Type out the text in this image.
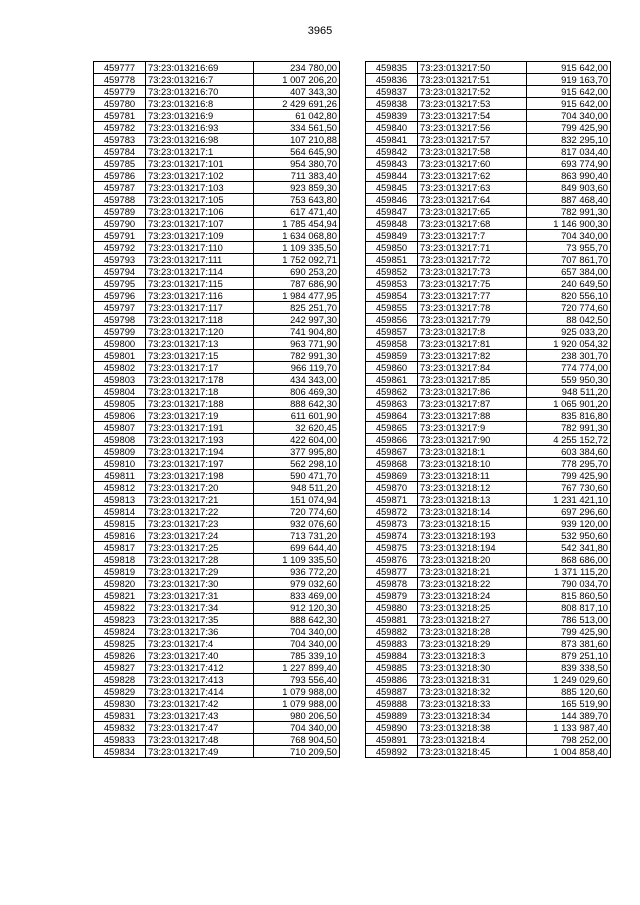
3965
459777	73:23:013216:69	234 780,00
459778	73:23:013216:7	1 007 206,20
459779	73:23:013216:70	407 343,30
459780	73:23:013216:8	2 429 691,26
459781	73:23:013216:9	61 042,80
459782	73:23:013216:93	334 561,50
459783	73:23:013216:98	107 210,88
459784	73:23:013217:1	564 645,90
459785	73:23:013217:101	954 380,70
459786	73:23:013217:102	711 383,40
459787	73:23:013217:103	923 859,30
459788	73:23:013217:105	753 643,80
459789	73:23:013217:106	617 471,40
459790	73:23:013217:107	1 785 454,94
459791	73:23:013217:109	1 634 068,80
459792	73:23:013217:110	1 109 335,50
459793	73:23:013217:111	1 752 092,71
459794	73:23:013217:114	690 253,20
459795	73:23:013217:115	787 686,90
459796	73:23:013217:116	1 984 477,95
459797	73:23:013217:117	825 251,70
459798	73:23:013217:118	242 997,30
459799	73:23:013217:120	741 904,80
459800	73:23:013217:13	963 771,90
459801	73:23:013217:15	782 991,30
459802	73:23:013217:17	966 119,70
459803	73:23:013217:178	434 343,00
459804	73:23:013217:18	806 469,30
459805	73:23:013217:188	888 642,30
459806	73:23:013217:19	611 601,90
459807	73:23:013217:191	32 620,45
459808	73:23:013217:193	422 604,00
459809	73:23:013217:194	377 995,80
459810	73:23:013217:197	562 298,10
459811	73:23:013217:198	590 471,70
459812	73:23:013217:20	948 511,20
459813	73:23:013217:21	151 074,94
459814	73:23:013217:22	720 774,60
459815	73:23:013217:23	932 076,60
459816	73:23:013217:24	713 731,20
459817	73:23:013217:25	699 644,40
459818	73:23:013217:28	1 109 335,50
459819	73:23:013217:29	936 772,20
459820	73:23:013217:30	979 032,60
459821	73:23:013217:31	833 469,00
459822	73:23:013217:34	912 120,30
459823	73:23:013217:35	888 642,30
459824	73:23:013217:36	704 340,00
459825	73:23:013217:4	704 340,00
459826	73:23:013217:40	785 339,10
459827	73:23:013217:412	1 227 899,40
459828	73:23:013217:413	793 556,40
459829	73:23:013217:414	1 079 988,00
459830	73:23:013217:42	1 079 988,00
459831	73:23:013217:43	980 206,50
459832	73:23:013217:47	704 340,00
459833	73:23:013217:48	768 904,50
459834	73:23:013217:49	710 209,50
459835	73:23:013217:50	915 642,00
459836	73:23:013217:51	919 163,70
459837	73:23:013217:52	915 642,00
459838	73:23:013217:53	915 642,00
459839	73:23:013217:54	704 340,00
459840	73:23:013217:56	799 425,90
459841	73:23:013217:57	832 295,10
459842	73:23:013217:58	817 034,40
459843	73:23:013217:60	693 774,90
459844	73:23:013217:62	863 990,40
459845	73:23:013217:63	849 903,60
459846	73:23:013217:64	887 468,40
459847	73:23:013217:65	782 991,30
459848	73:23:013217:68	1 146 900,30
459849	73:23:013217:7	704 340,00
459850	73:23:013217:71	73 955,70
459851	73:23:013217:72	707 861,70
459852	73:23:013217:73	657 384,00
459853	73:23:013217:75	240 649,50
459854	73:23:013217:77	820 556,10
459855	73:23:013217:78	720 774,60
459856	73:23:013217:79	88 042,50
459857	73:23:013217:8	925 033,20
459858	73:23:013217:81	1 920 054,32
459859	73:23:013217:82	238 301,70
459860	73:23:013217:84	774 774,00
459861	73:23:013217:85	559 950,30
459862	73:23:013217:86	948 511,20
459863	73:23:013217:87	1 065 901,20
459864	73:23:013217:88	835 816,80
459865	73:23:013217:9	782 991,30
459866	73:23:013217:90	4 255 152,72
459867	73:23:013218:1	603 384,60
459868	73:23:013218:10	778 295,70
459869	73:23:013218:11	799 425,90
459870	73:23:013218:12	767 730,60
459871	73:23:013218:13	1 231 421,10
459872	73:23:013218:14	697 296,60
459873	73:23:013218:15	939 120,00
459874	73:23:013218:193	532 950,60
459875	73:23:013218:194	542 341,80
459876	73:23:013218:20	868 686,00
459877	73:23:013218:21	1 371 115,20
459878	73:23:013218:22	790 034,70
459879	73:23:013218:24	815 860,50
459880	73:23:013218:25	808 817,10
459881	73:23:013218:27	786 513,00
459882	73:23:013218:28	799 425,90
459883	73:23:013218:29	873 381,60
459884	73:23:013218:3	879 251,10
459885	73:23:013218:30	839 338,50
459886	73:23:013218:31	1 249 029,60
459887	73:23:013218:32	885 120,60
459888	73:23:013218:33	165 519,90
459889	73:23:013218:34	144 389,70
459890	73:23:013218:38	1 133 987,40
459891	73:23:013218:4	798 252,00
459892	73:23:013218:45	1 004 858,40
